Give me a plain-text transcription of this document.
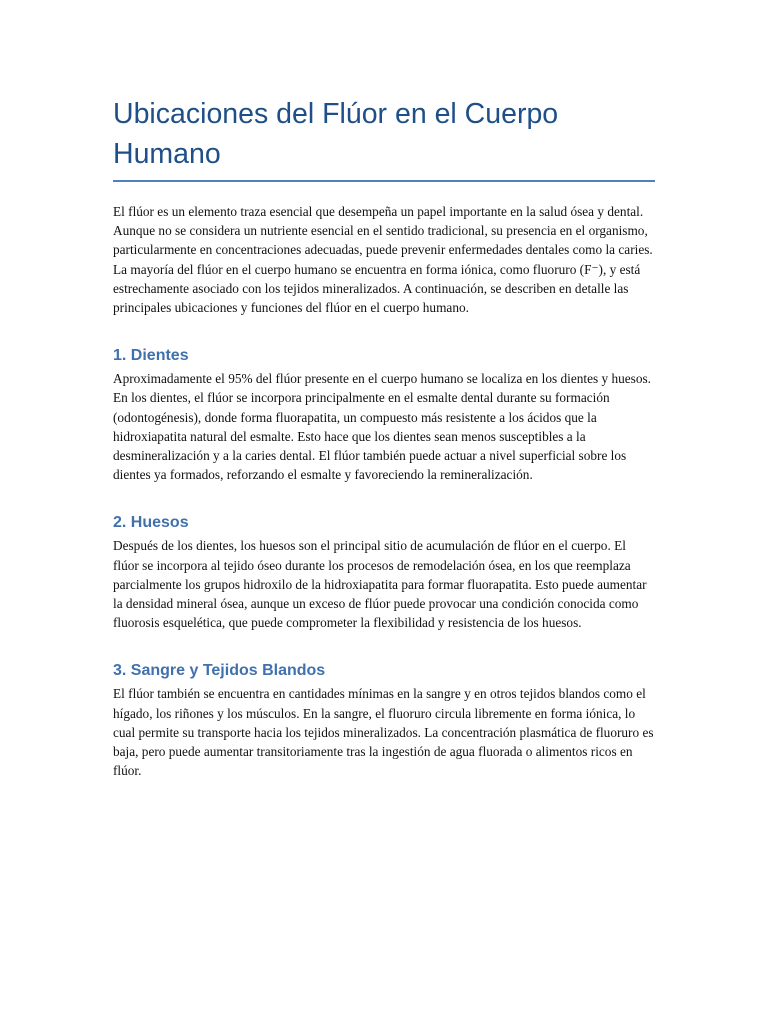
Ubicaciones del Flúor en el Cuerpo Humano

El flúor es un elemento traza esencial que desempeña un papel importante en la salud ósea y dental. Aunque no se considera un nutriente esencial en el sentido tradicional, su presencia en el organismo, particularmente en concentraciones adecuadas, puede prevenir enfermedades dentales como la caries. La mayoría del flúor en el cuerpo humano se encuentra en forma iónica, como fluoruro (F⁻), y está estrechamente asociado con los tejidos mineralizados. A continuación, se describen en detalle las principales ubicaciones y funciones del flúor en el cuerpo humano.

1. Dientes

Aproximadamente el 95% del flúor presente en el cuerpo humano se localiza en los dientes y huesos. En los dientes, el flúor se incorpora principalmente en el esmalte dental durante su formación (odontogénesis), donde forma fluorapatita, un compuesto más resistente a los ácidos que la hidroxiapatita natural del esmalte. Esto hace que los dientes sean menos susceptibles a la desmineralización y a la caries dental. El flúor también puede actuar a nivel superficial sobre los dientes ya formados, reforzando el esmalte y favoreciendo la remineralización.

2. Huesos

Después de los dientes, los huesos son el principal sitio de acumulación de flúor en el cuerpo. El flúor se incorpora al tejido óseo durante los procesos de remodelación ósea, en los que reemplaza parcialmente los grupos hidroxilo de la hidroxiapatita para formar fluorapatita. Esto puede aumentar la densidad mineral ósea, aunque un exceso de flúor puede provocar una condición conocida como fluorosis esquelética, que puede comprometer la flexibilidad y resistencia de los huesos.

3. Sangre y Tejidos Blandos

El flúor también se encuentra en cantidades mínimas en la sangre y en otros tejidos blandos como el hígado, los riñones y los músculos. En la sangre, el fluoruro circula libremente en forma iónica, lo cual permite su transporte hacia los tejidos mineralizados. La concentración plasmática de fluoruro es baja, pero puede aumentar transitoriamente tras la ingestión de agua fluorada o alimentos ricos en flúor.
